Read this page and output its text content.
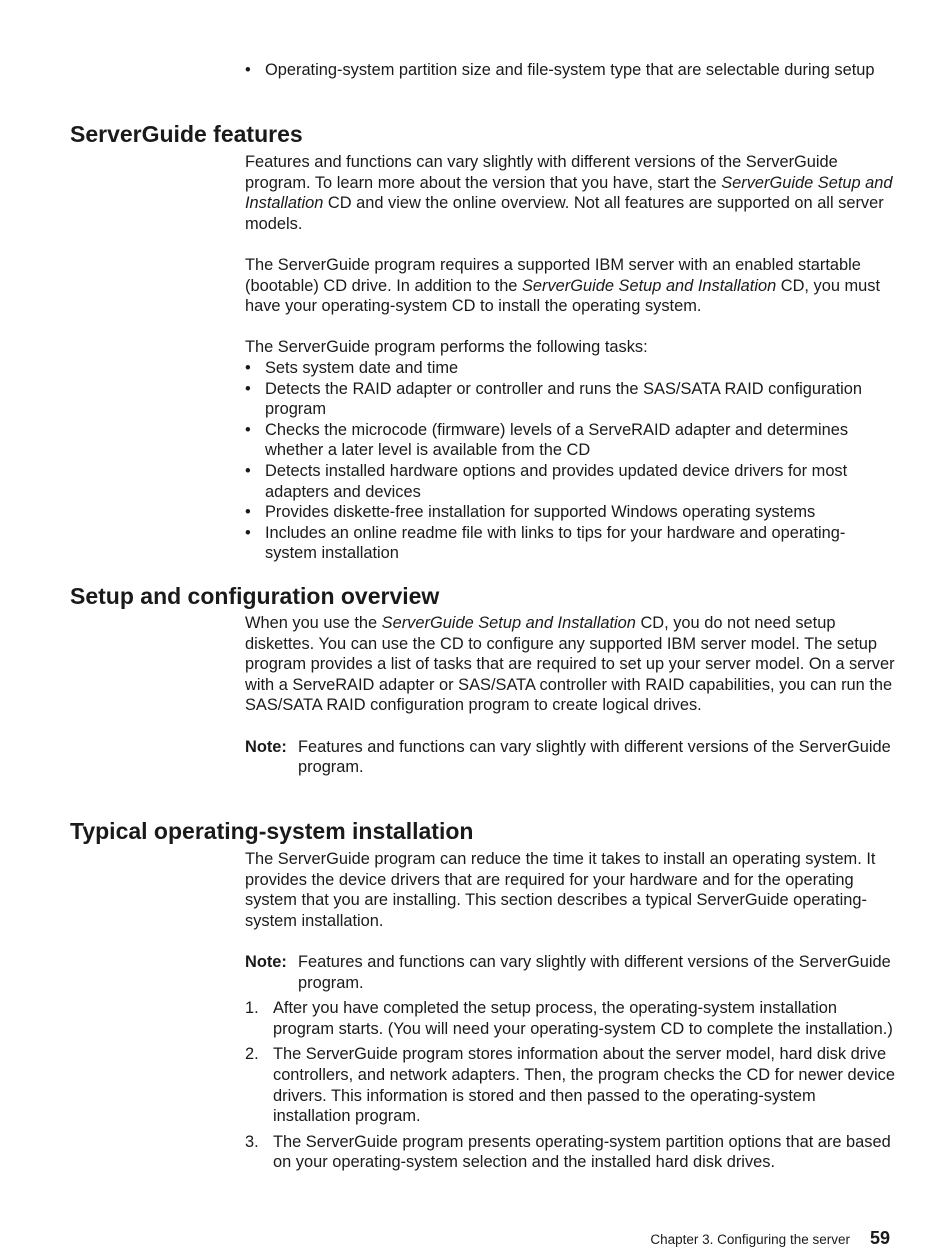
• Operating-system partition size and file-system type that are selectable during setup
ServerGuide features

Features and functions can vary slightly with different versions of the ServerGuide program. To learn more about the version that you have, start the ServerGuide Setup and Installation CD and view the online overview. Not all features are supported on all server models.

The ServerGuide program requires a supported IBM server with an enabled startable (bootable) CD drive. In addition to the ServerGuide Setup and Installation CD, you must have your operating-system CD to install the operating system.

The ServerGuide program performs the following tasks:

• Sets system date and time
• Detects the RAID adapter or controller and runs the SAS/SATA RAID configuration program
• Checks the microcode (firmware) levels of a ServeRAID adapter and determines whether a later level is available from the CD
• Detects installed hardware options and provides updated device drivers for most adapters and devices
• Provides diskette-free installation for supported Windows operating systems
• Includes an online readme file with links to tips for your hardware and operating-system installation
Setup and configuration overview

When you use the ServerGuide Setup and Installation CD, you do not need setup diskettes. You can use the CD to configure any supported IBM server model. The setup program provides a list of tasks that are required to set up your server model. On a server with a ServeRAID adapter or SAS/SATA controller with RAID capabilities, you can run the SAS/SATA RAID configuration program to create logical drives.

Note: Features and functions can vary slightly with different versions of the ServerGuide program.
Typical operating-system installation

The ServerGuide program can reduce the time it takes to install an operating system. It provides the device drivers that are required for your hardware and for the operating system that you are installing. This section describes a typical ServerGuide operating-system installation.

Note: Features and functions can vary slightly with different versions of the ServerGuide program.
1. After you have completed the setup process, the operating-system installation program starts. (You will need your operating-system CD to complete the installation.)
2. The ServerGuide program stores information about the server model, hard disk drive controllers, and network adapters. Then, the program checks the CD for newer device drivers. This information is stored and then passed to the operating-system installation program.
3. The ServerGuide program presents operating-system partition options that are based on your operating-system selection and the installed hard disk drives.
Chapter 3. Configuring the server 59
